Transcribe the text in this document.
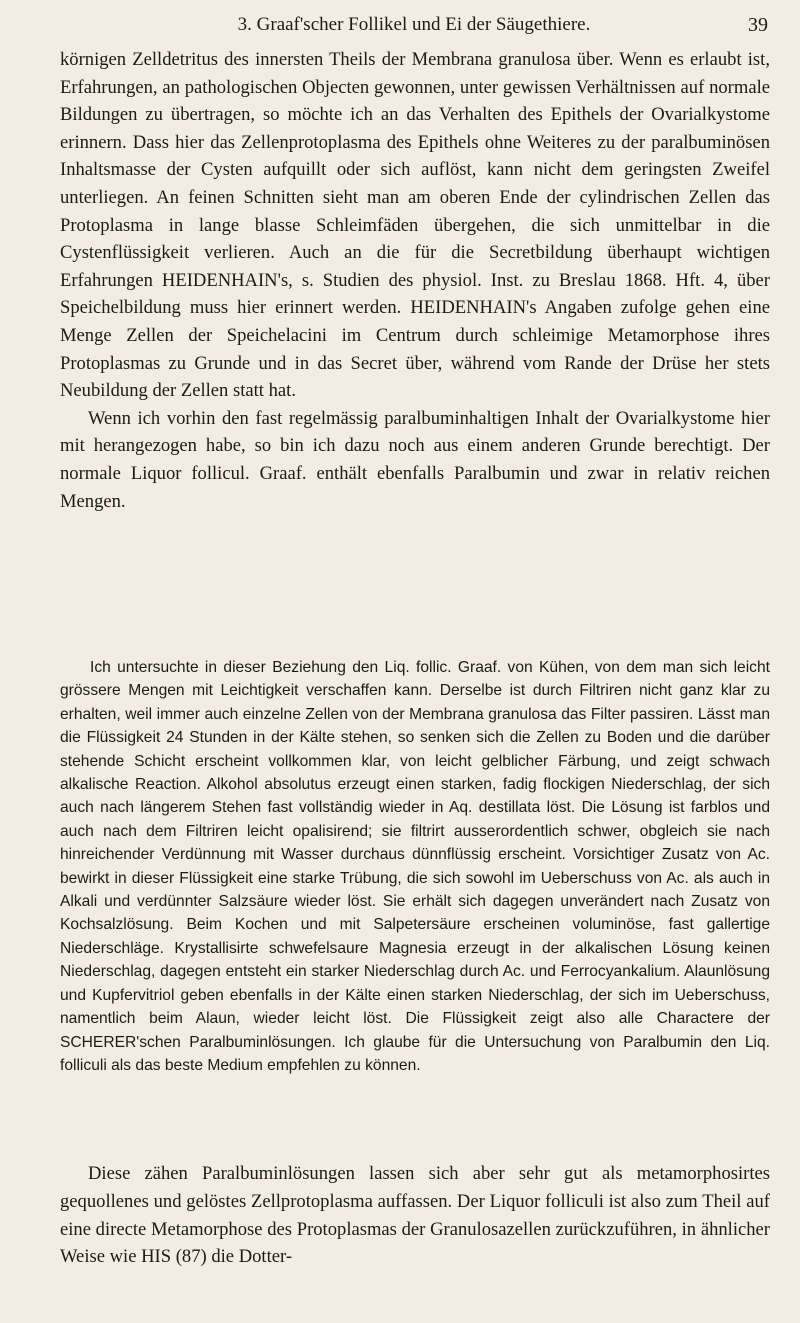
3. Graaf'scher Follikel und Ei der Säugethiere.	39

körnigen Zelldetritus des innersten Theils der Membrana granulosa über. Wenn es erlaubt ist, Erfahrungen, an pathologischen Objecten gewonnen, unter gewissen Verhältnissen auf normale Bildungen zu übertragen, so möchte ich an das Verhalten des Epithels der Ovarialkystome erinnern. Dass hier das Zellenprotoplasma des Epithels ohne Weiteres zu der paralbuminösen Inhaltsmasse der Cysten aufquillt oder sich auflöst, kann nicht dem geringsten Zweifel unterliegen. An feinen Schnitten sieht man am oberen Ende der cylindrischen Zellen das Protoplasma in lange blasse Schleimfäden übergehen, die sich unmittelbar in die Cystenflüssigkeit verlieren. Auch an die für die Secretbildung überhaupt wichtigen Erfahrungen HEIDENHAIN's, s. Studien des physiol. Inst. zu Breslau 1868. Hft. 4, über Speichelbildung muss hier erinnert werden. HEIDENHAIN's Angaben zufolge gehen eine Menge Zellen der Speichelacini im Centrum durch schleimige Metamorphose ihres Protoplasmas zu Grunde und in das Secret über, während vom Rande der Drüse her stets Neubildung der Zellen statt hat.

Wenn ich vorhin den fast regelmässig paralbuminhaltigen Inhalt der Ovarialkystome hier mit herangezogen habe, so bin ich dazu noch aus einem anderen Grunde berechtigt. Der normale Liquor follicul. Graaf. enthält ebenfalls Paralbumin und zwar in relativ reichen Mengen.

Ich untersuchte in dieser Beziehung den Liq. follic. Graaf. von Kühen, von dem man sich leicht grössere Mengen mit Leichtigkeit verschaffen kann. Derselbe ist durch Filtriren nicht ganz klar zu erhalten, weil immer auch einzelne Zellen von der Membrana granulosa das Filter passiren. Lässt man die Flüssigkeit 24 Stunden in der Kälte stehen, so senken sich die Zellen zu Boden und die darüber stehende Schicht erscheint vollkommen klar, von leicht gelblicher Färbung, und zeigt schwach alkalische Reaction. Alkohol absolutus erzeugt einen starken, fadig flockigen Niederschlag, der sich auch nach längerem Stehen fast vollständig wieder in Aq. destillata löst. Die Lösung ist farblos und auch nach dem Filtriren leicht opalisirend; sie filtrirt ausserordentlich schwer, obgleich sie nach hinreichender Verdünnung mit Wasser durchaus dünnflüssig erscheint. Vorsichtiger Zusatz von Ac. bewirkt in dieser Flüssigkeit eine starke Trübung, die sich sowohl im Ueberschuss von Ac. als auch in Alkali und verdünnter Salzsäure wieder löst. Sie erhält sich dagegen unverändert nach Zusatz von Kochsalzlösung. Beim Kochen und mit Salpetersäure erscheinen voluminöse, fast gallertige Niederschläge. Krystallisirte schwefelsaure Magnesia erzeugt in der alkalischen Lösung keinen Niederschlag, dagegen entsteht ein starker Niederschlag durch Ac. und Ferrocyankalium. Alaunlösung und Kupfervitriol geben ebenfalls in der Kälte einen starken Niederschlag, der sich im Ueberschuss, namentlich beim Alaun, wieder leicht löst. Die Flüssigkeit zeigt also alle Charactere der SCHERER'schen Paralbuminlösungen. Ich glaube für die Untersuchung von Paralbumin den Liq. folliculi als das beste Medium empfehlen zu können.

Diese zähen Paralbuminlösungen lassen sich aber sehr gut als metamorphosirtes gequollenes und gelöstes Zellprotoplasma auffassen. Der Liquor folliculi ist also zum Theil auf eine directe Metamorphose des Protoplasmas der Granulosazellen zurückzuführen, in ähnlicher Weise wie HIS (87) die Dotter-
